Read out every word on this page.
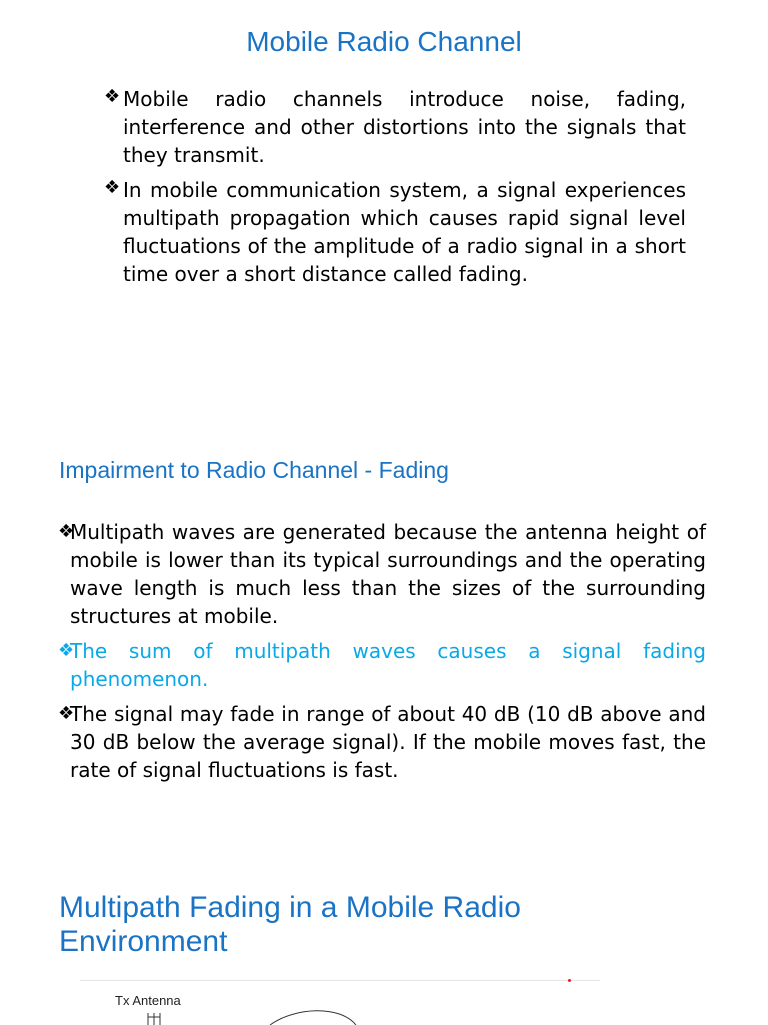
Mobile Radio Channel
❖ Mobile radio channels introduce noise, fading, interference and other distortions into the signals that they transmit.
❖ In mobile communication system, a signal experiences multipath propagation which causes rapid signal level fluctuations of the amplitude of a radio signal in a short time over a short distance called fading.
Impairment to Radio Channel - Fading
❖
Multipath waves are generated because the antenna height of mobile is lower than its typical surroundings and the operating wave length is much less than the sizes of the surrounding structures at mobile.
❖
The sum of multipath waves causes a signal fading phenomenon.
❖
The signal may fade in range of about 40 dB (10 dB above and 30 dB below the average signal). If the mobile moves fast, the rate of signal fluctuations is fast.
Multipath Fading in a Mobile Radio Environment
Tx Antenna
